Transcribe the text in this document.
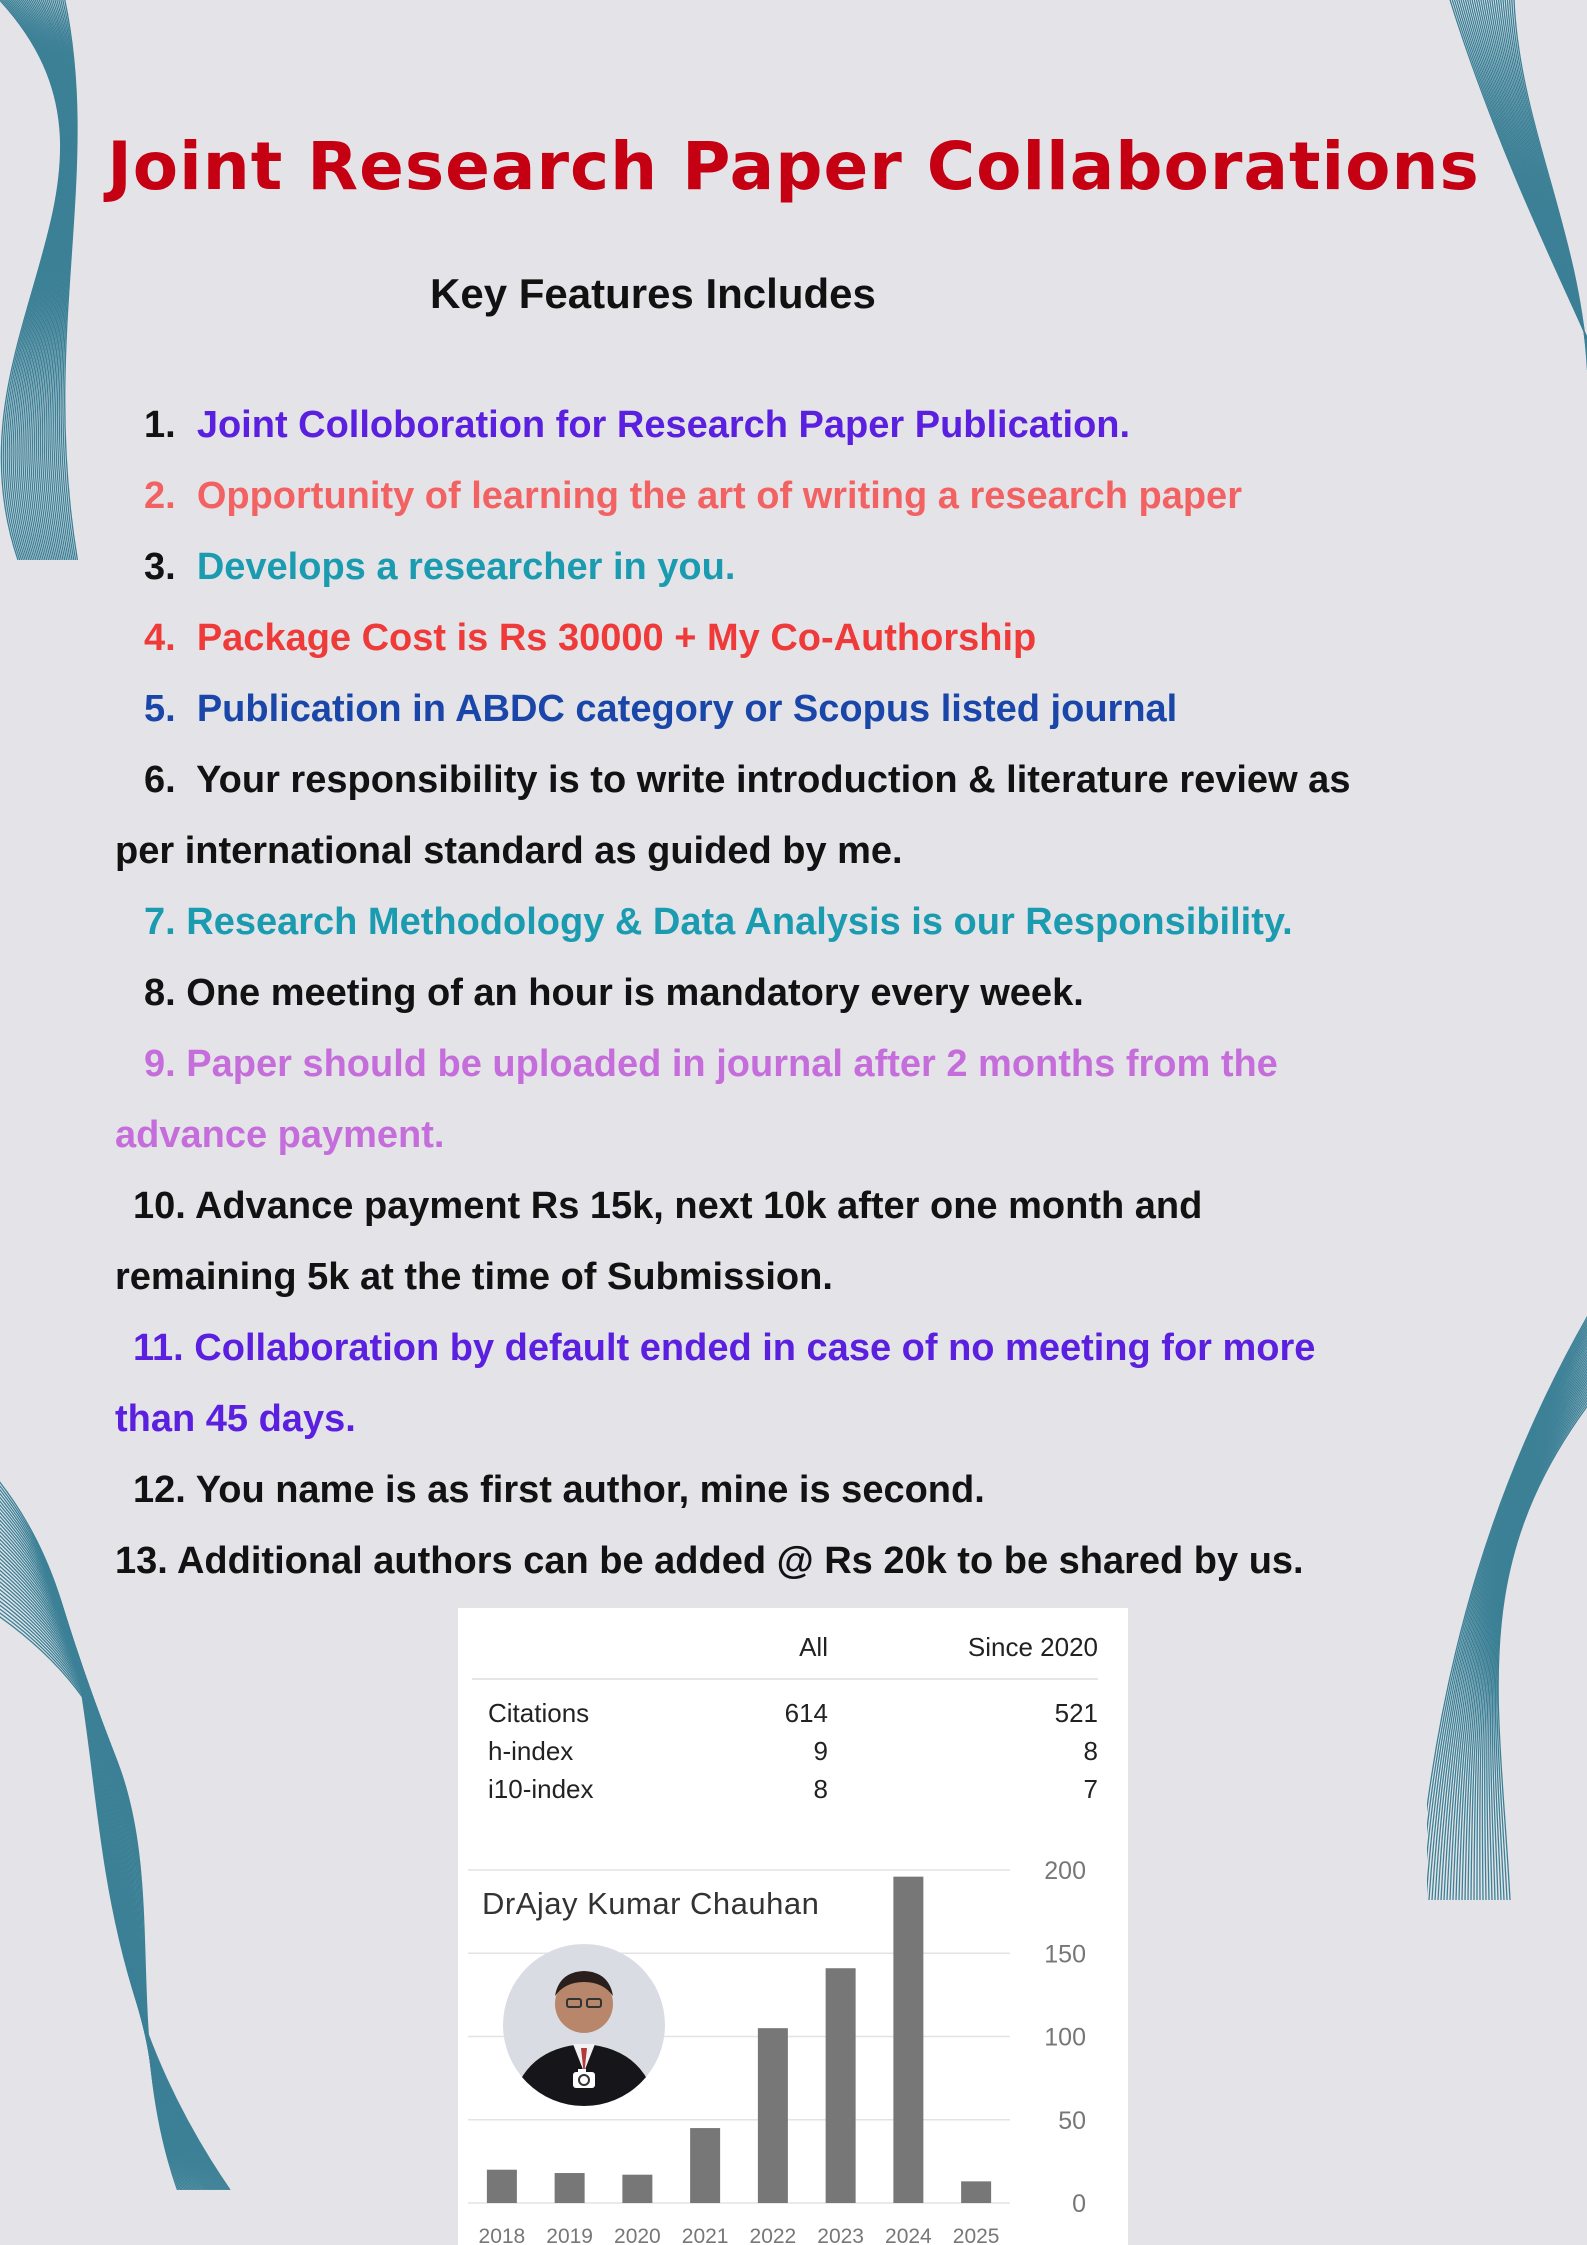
Joint Research Paper Collaborations
Key Features Includes
1. Joint Colloboration for Research Paper Publication.
2. Opportunity of learning the art of writing a research paper
3. Develops a researcher in you.
4. Package Cost is Rs 30000 + My Co-Authorship
5. Publication in ABDC category or Scopus listed journal
6. Your responsibility is to write introduction & literature review as
per international standard as guided by me.
7. Research Methodology & Data Analysis is our Responsibility.
8. One meeting of an hour is mandatory every week.
9. Paper should be uploaded in journal after 2 months from the
advance payment.
10. Advance payment Rs 15k, next 10k after one month and
remaining 5k at the time of Submission.
11. Collaboration by default ended in case of no meeting for more
than 45 days.
12. You name is as first author, mine is second.
13. Additional authors can be added @ Rs 20k to be shared by us.
	All	Since 2020
Citations	614	521
h-index	9	8
i10-index	8	7
0
50
100
150
200
2018 2019 2020 2021 2022 2023 2024 2025
DrAjay Kumar Chauhan
